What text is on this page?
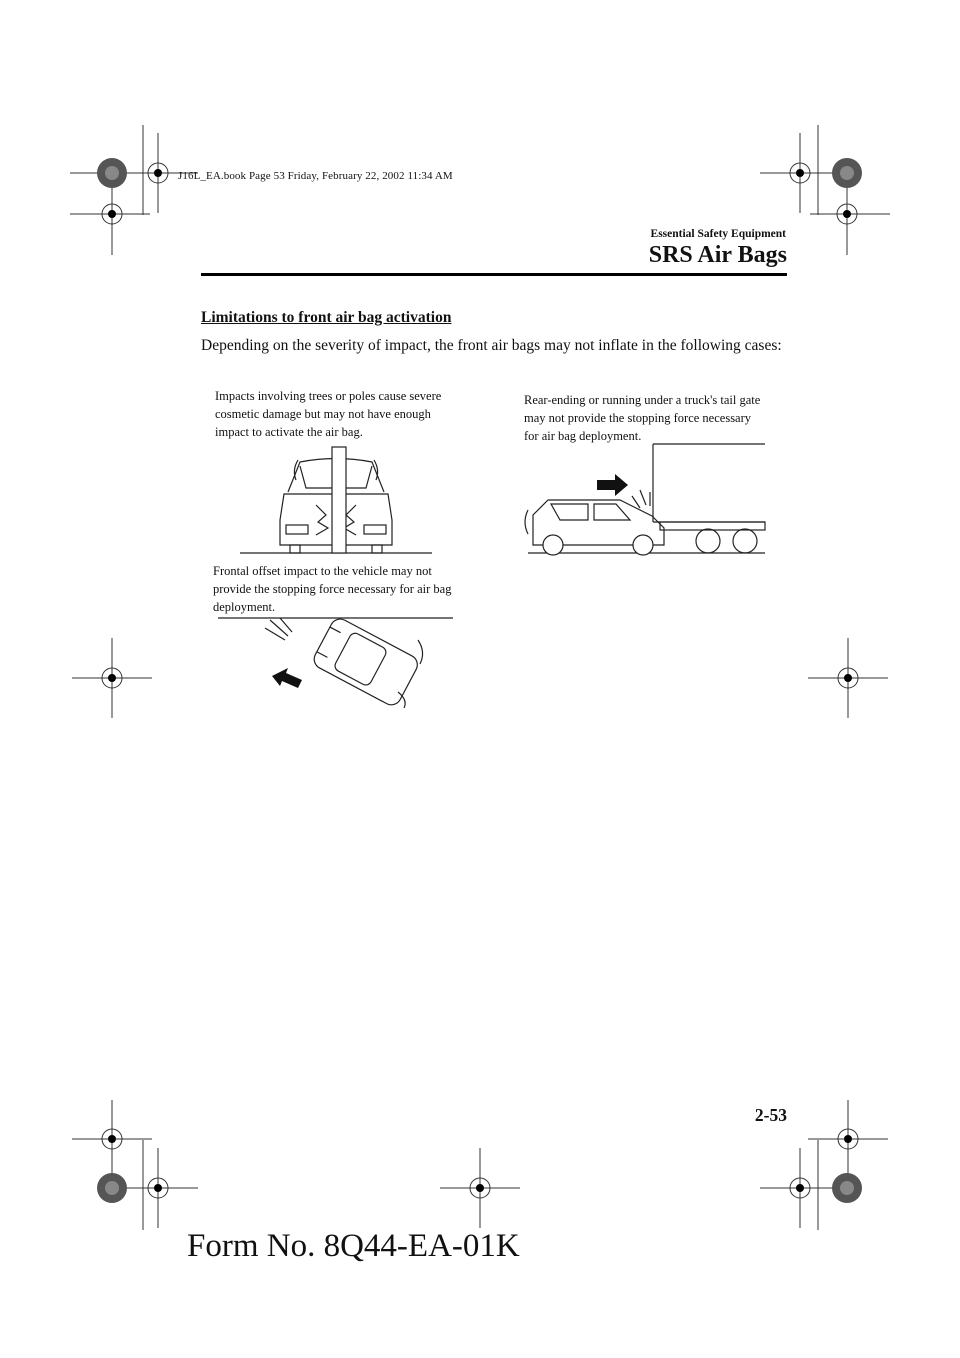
J16L_EA.book Page 53 Friday, February 22, 2002 11:34 AM
Essential Safety Equipment
SRS Air Bags
Limitations to front air bag activation
Depending on the severity of impact, the front air bags may not inflate in the following cases:
Impacts involving trees or poles cause severe cosmetic damage but may not have enough impact to activate the air bag.
Frontal offset impact to the vehicle may not provide the stopping force necessary for air bag deployment.
Rear-ending or running under a truck's tail gate may not provide the stopping force necessary for air bag deployment.
2-53
Form No. 8Q44-EA-01K
